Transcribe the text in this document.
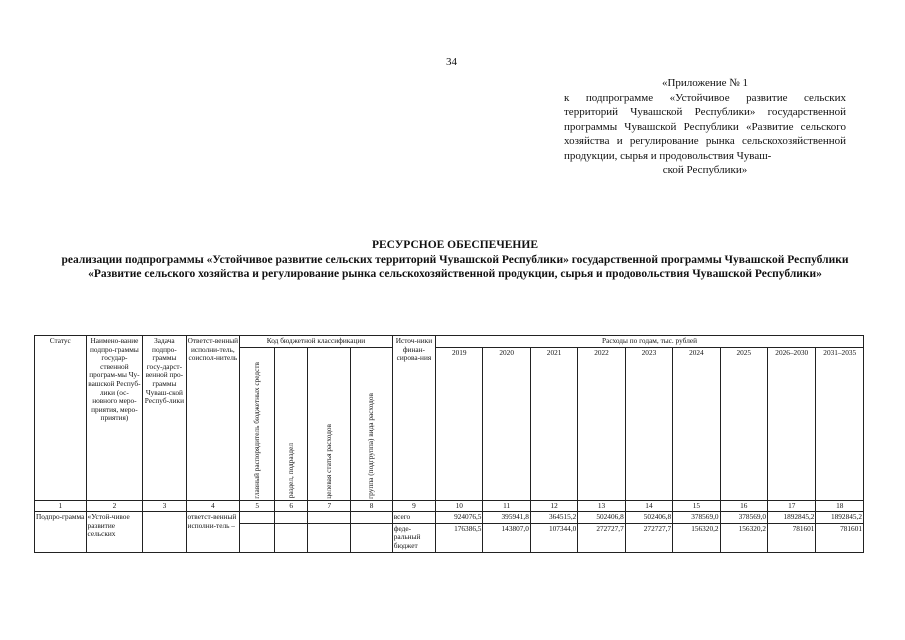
34
«Приложение № 1
к подпрограмме «Устойчивое развитие сельских территорий Чувашской Республики» государственной программы Чувашской Республики «Развитие сельского хозяйства и регулирование рынка сельскохозяйственной продукции, сырья и продовольствия Чуваш-
ской Республики»
РЕСУРСНОЕ ОБЕСПЕЧЕНИЕ
реализации подпрограммы «Устойчивое развитие сельских территорий Чувашской Республики» государственной программы Чувашской Республики «Развитие сельского хозяйства и регулирование рынка сельскохозяйственной продукции, сырья и продовольствия Чувашской Республики»
Статус	Наимено-вание подпро-граммы государ-ственной програм-мы Чу-вашской Респуб-лики (ос-новного меро-приятия, меро-приятия)	Задача подпро-граммы госу-дарст-венной про-граммы Чуваш-ской Респуб-лики	Ответст-венный исполни-тель, соиспол-нитель	Код бюджетной классификации				Источ-ники финан-сирова-ния	Расходы по годам, тыс. рублей								

				главный распорядитель бюджетных средств	раздел, подраздел	целевая статья расходов	группа (подгруппа) вида расходов		2019	2020	2021	2022	2023	2024	2025	2026–2030	2031–2035

1	2	3	4	5	6	7	8	9	10	11	12	13	14	15	16	17	18
Подпро-грамма	«Устой-чивое развитие сельских		ответст-венный исполни-тель –					всего	924076,5	395941,8	364515,2	502406,8	502406,8	378569,0	378569,0	1892845,2	1892845,2
								феде-ральный бюджет	176386,5	143807,0	107344,0	272727,7	272727,7	156320,2	156320,2	781601	781601
